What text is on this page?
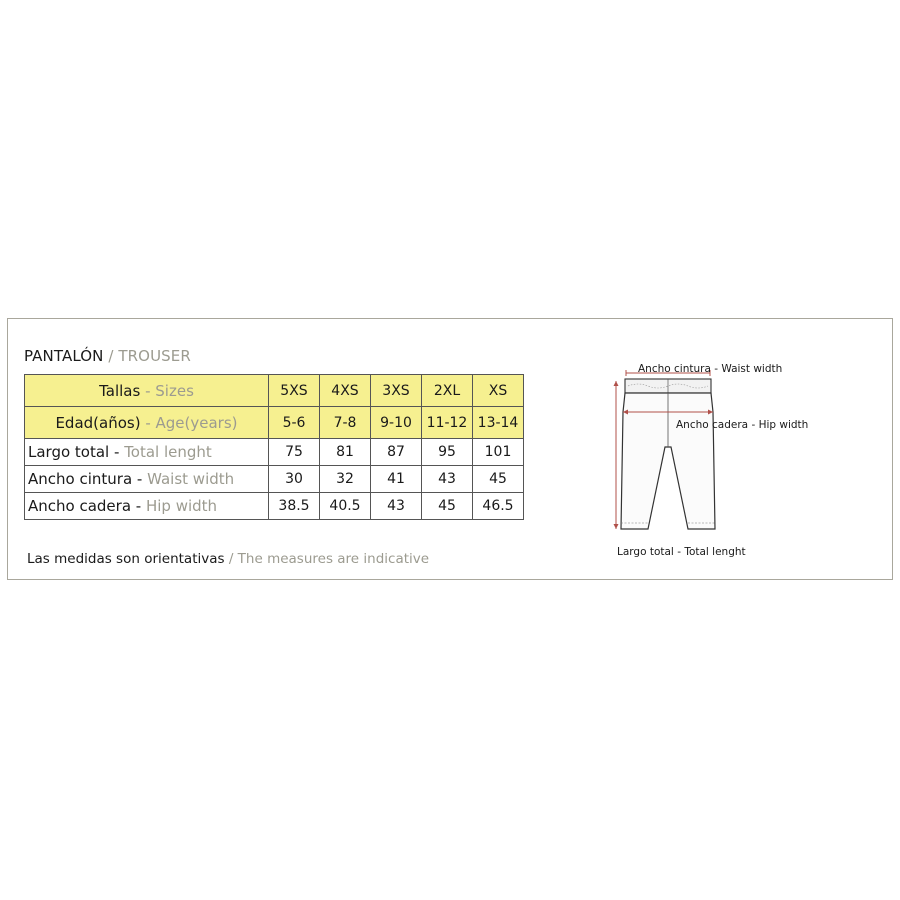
PANTALÓN / TROUSER
Tallas - Sizes	5XS	4XS	3XS	2XL	XS
Edad(años) - Age(years)	5-6	7-8	9-10	11-12	13-14
Largo total - Total lenght	75	81	87	95	101
Ancho cintura - Waist width	30	32	41	43	45
Ancho cadera - Hip width	38.5	40.5	43	45	46.5
Las medidas son orientativas / The measures are indicative
Ancho cintura - Waist width
Ancho cadera - Hip width
Largo total - Total lenght
